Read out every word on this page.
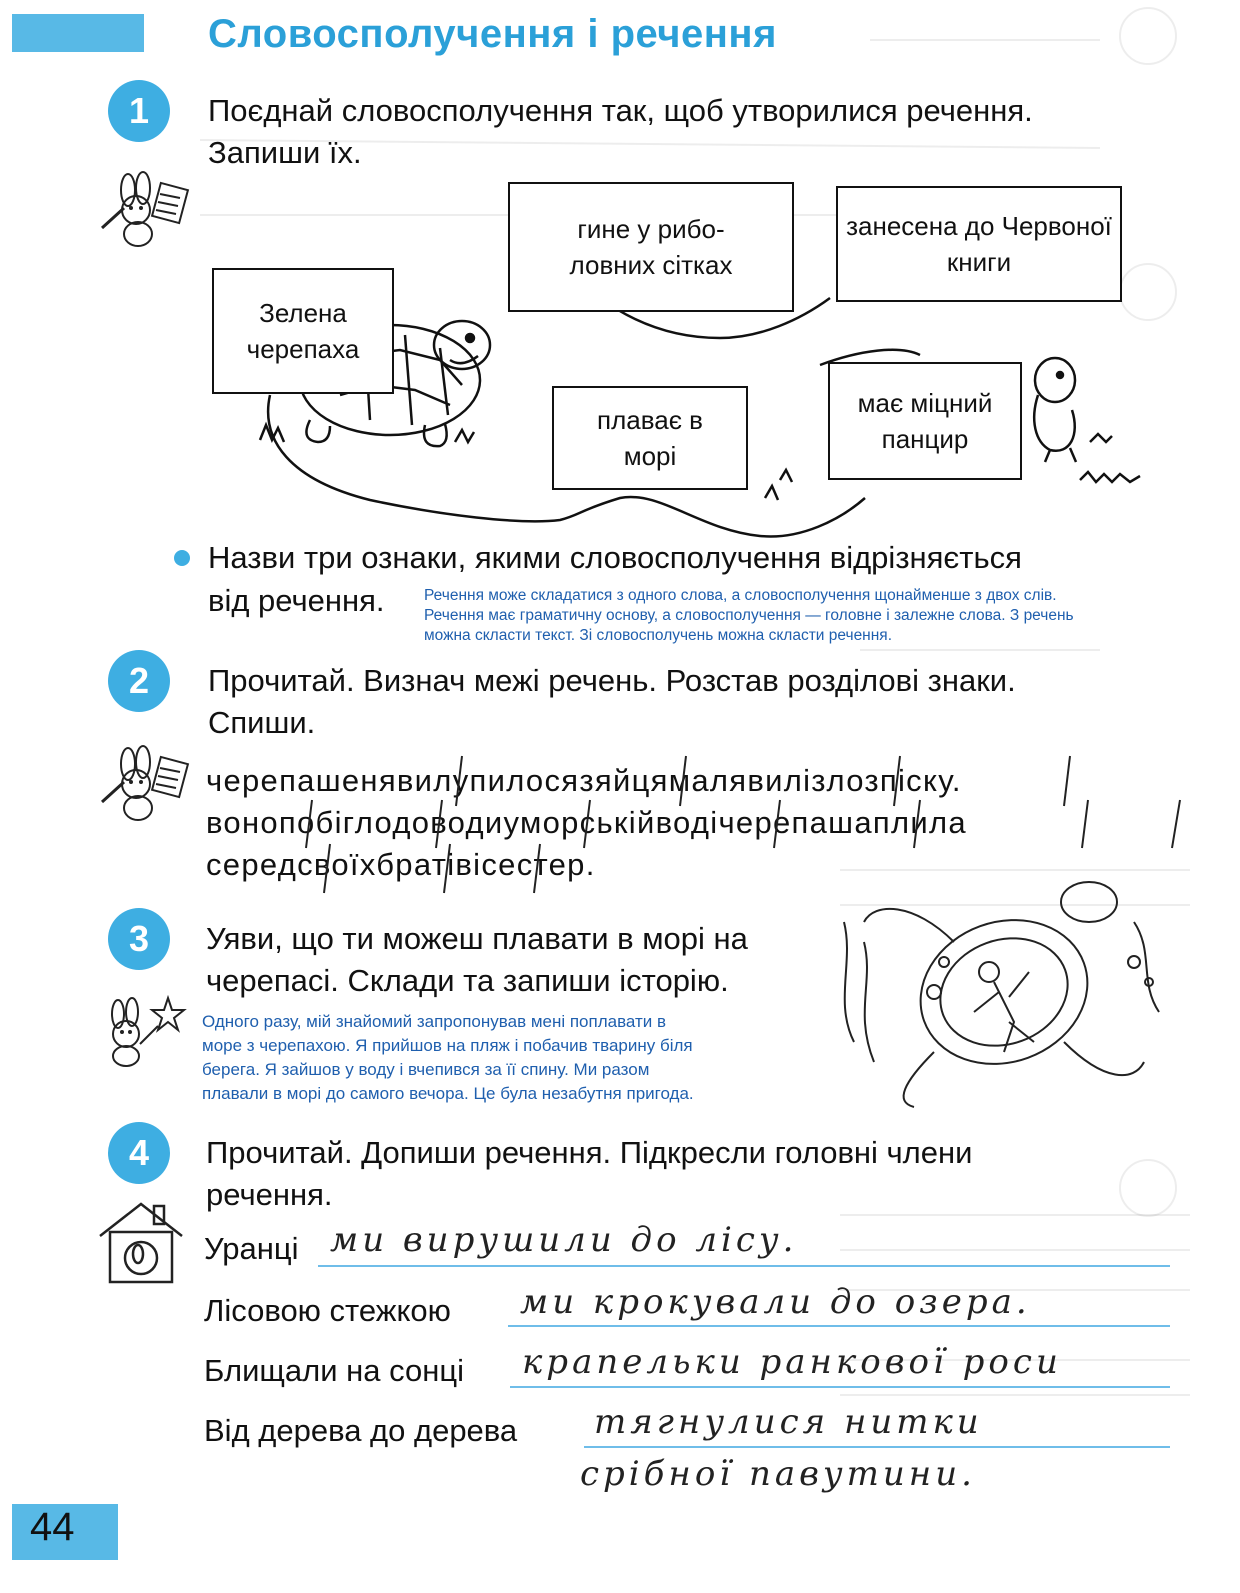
Словосполучення і речення
1	Поєднай словосполучення так, щоб утворилися речення.
Запиши їх.
Зелена черепаха
гине у рибо-ловних сітках
занесена до Червоної книги
плаває в морі
має міцний панцир
Назви три ознаки, якими словосполучення відрізняється
від речення.	Речення може складатися з одного слова, а словосполучення щонайменше з двох слів.
Речення має граматичну основу, а словосполучення — головне і залежне слова. З речень
можна скласти текст. Зі словосполучень можна скласти речення.
2	Прочитай. Визнач межі речень. Розстав розділові знаки.
Спиши.
черепашенявилупилосязяйцямалявилізлозпіску.
вонопобіглодоводиуморськійводічерепашаплила
середсвоїхбратівісестер.
3	Уяви, що ти можеш плавати в морі на
черепасі. Склади та запиши історію.
Одного разу, мій знайомий запропонував мені поплавати в
море з черепахою. Я прийшов на пляж і побачив тварину біля
берега. Я зайшов у воду і вчепився за її спину. Ми разом
плавали в морі до самого вечора. Це була незабутня пригода.
4	Прочитай. Допиши речення. Підкресли головні члени
речення.
Уранці ми вирушили до лісу.
Лісовою стежкою ми крокували до озера.
Блищали на сонці крапельки ранкової роси
Від дерева до дерева тягнулися нитки
срібної павутини.
44
